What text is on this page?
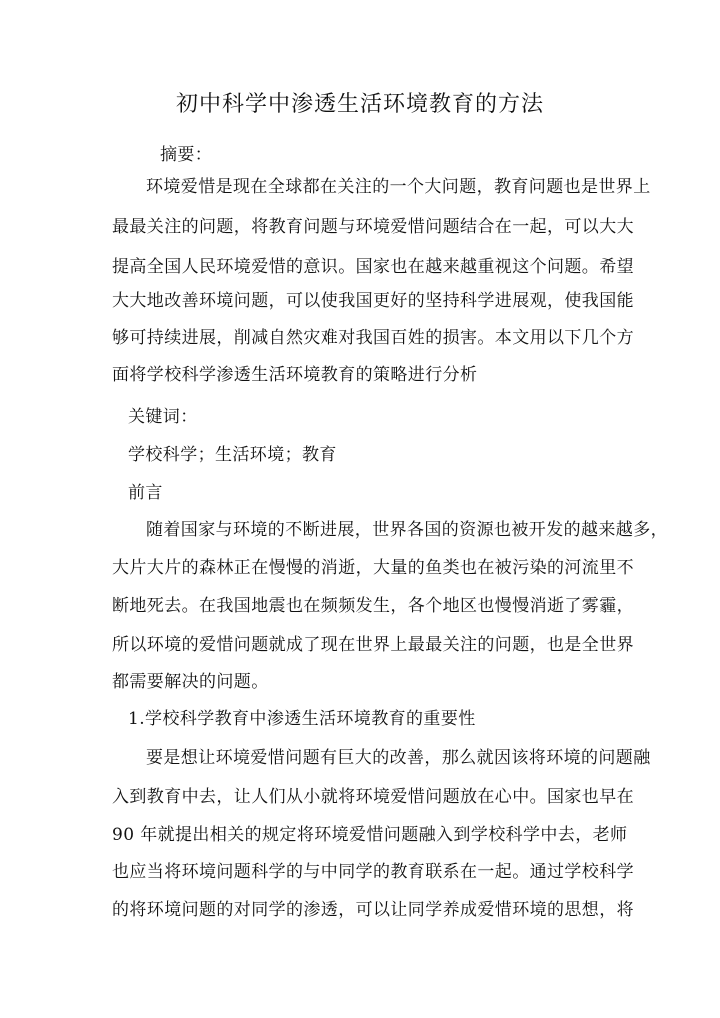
初中科学中渗透生活环境教育的方法
摘要：
环境爱惜是现在全球都在关注的一个大问题，教育问题也是世界上
最最关注的问题，将教育问题与环境爱惜问题结合在一起，可以大大
提高全国人民环境爱惜的意识。国家也在越来越重视这个问题。希望
大大地改善环境问题，可以使我国更好的坚持科学进展观，使我国能
够可持续进展，削减自然灾难对我国百姓的损害。本文用以下几个方
面将学校科学渗透生活环境教育的策略进行分析
关键词：
学校科学；生活环境；教育
前言
随着国家与环境的不断进展，世界各国的资源也被开发的越来越多，
大片大片的森林正在慢慢的消逝，大量的鱼类也在被污染的河流里不
断地死去。在我国地震也在频频发生，各个地区也慢慢消逝了雾霾，
所以环境的爱惜问题就成了现在世界上最最关注的问题，也是全世界
都需要解决的问题。
1.学校科学教育中渗透生活环境教育的重要性
要是想让环境爱惜问题有巨大的改善，那么就因该将环境的问题融
入到教育中去，让人们从小就将环境爱惜问题放在心中。国家也早在
90 年就提出相关的规定将环境爱惜问题融入到学校科学中去，老师
也应当将环境问题科学的与中同学的教育联系在一起。通过学校科学
的将环境问题的对同学的渗透，可以让同学养成爱惜环境的思想，将
